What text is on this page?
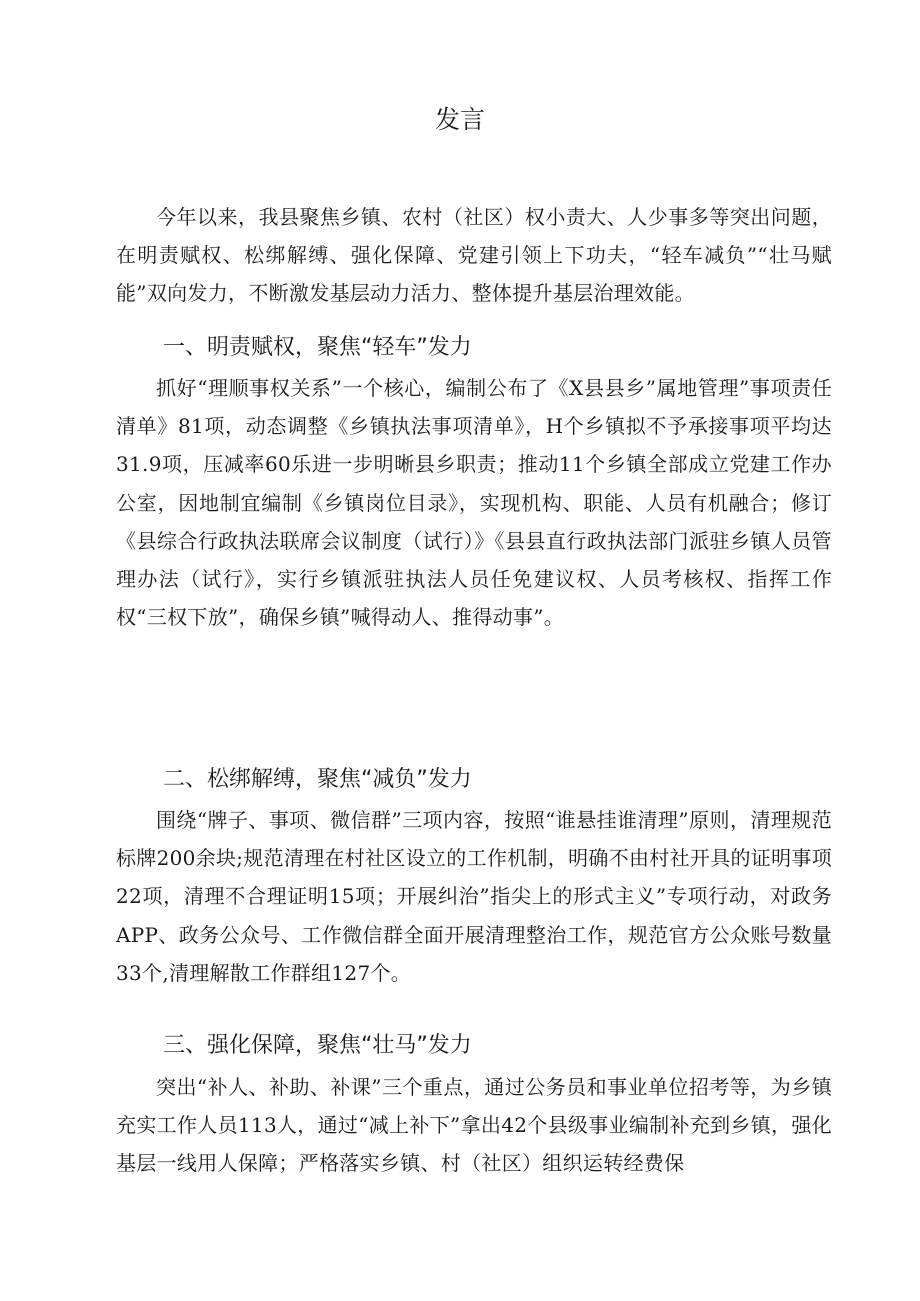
发言

今年以来，我县聚焦乡镇、农村（社区）权小责大、人少事多等突出问题，在明责赋权、松绑解缚、强化保障、党建引领上下功夫，“轻车减负”“壮马赋能”双向发力，不断激发基层动力活力、整体提升基层治理效能。

一、明责赋权，聚焦“轻车”发力

抓好“理顺事权关系”一个核心，编制公布了《X县县乡”属地管理”事项责任清单》81项，动态调整《乡镇执法事项清单》，H个乡镇拟不予承接事项平均达31.9项，压减率60乐进一步明晰县乡职责；推动11个乡镇全部成立党建工作办公室，因地制宜编制《乡镇岗位目录》，实现机构、职能、人员有机融合；修订《县综合行政执法联席会议制度（试行）》《县县直行政执法部门派驻乡镇人员管理办法（试行》，实行乡镇派驻执法人员任免建议权、人员考核权、指挥工作权“三权下放”，确保乡镇”喊得动人、推得动事”。

二、松绑解缚，聚焦“减负”发力

围绕“牌子、事项、微信群”三项内容，按照“谁悬挂谁清理”原则，清理规范标牌200余块;规范清理在村社区设立的工作机制，明确不由村社开具的证明事项22项，清理不合理证明15项；开展纠治”指尖上的形式主义”专项行动，对政务APP、政务公众号、工作微信群全面开展清理整治工作，规范官方公众账号数量33个,清理解散工作群组127个。

三、强化保障，聚焦“壮马”发力

突出“补人、补助、补课”三个重点，通过公务员和事业单位招考等，为乡镇充实工作人员113人，通过“减上补下”拿出42个县级事业编制补充到乡镇，强化基层一线用人保障；严格落实乡镇、村（社区）组织运转经费保
